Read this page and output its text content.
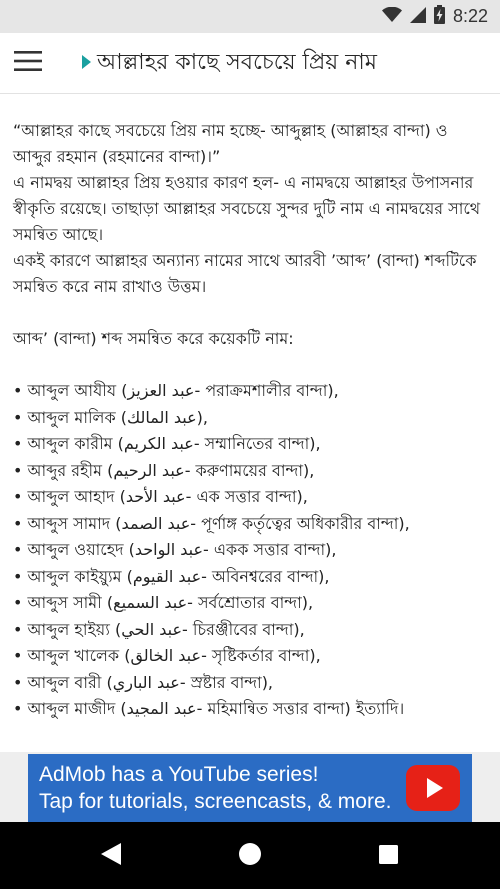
8:22
আল্লাহর কাছে সবচেয়ে প্রিয় নাম

“আল্লাহর কাছে সবচেয়ে প্রিয় নাম হচ্ছে- আব্দুল্লাহ (আল্লাহর বান্দা) ও আব্দুর রহমান (রহমানের বান্দা)।”

এ নামদ্বয় আল্লাহর প্রিয় হওয়ার কারণ হল- এ নামদ্বয়ে আল্লাহর উপাসনার স্বীকৃতি রয়েছে। তাছাড়া আল্লাহর সবচেয়ে সুন্দর দুটি নাম এ নামদ্বয়ের সাথে সমন্বিত আছে।

একই কারণে আল্লাহর অন্যান্য নামের সাথে আরবী ’আব্দ’ (বান্দা) শব্দটিকে সমন্বিত করে নাম রাখাও উত্তম।

আব্দ’ (বান্দা) শব্দ সমন্বিত করে কয়েকটি নাম:

• আব্দুল আযীয (عبد العزيز- পরাক্রমশালীর বান্দা),
• আব্দুল মালিক (عبد المالك),
• আব্দুল কারীম (عبد الكريم- সম্মানিতের বান্দা),
• আব্দুর রহীম (عبد الرحيم- করুণাময়ের বান্দা),
• আব্দুল আহাদ (عبد الأحد- এক সত্তার বান্দা),
• আব্দুস সামাদ (عبد الصمد- পূর্ণাঙ্গ কর্তৃত্বের অধিকারীর বান্দা),
• আব্দুল ওয়াহেদ (عبد الواحد- একক সত্তার বান্দা),
• আব্দুল কাইয়্যুম (عبد القيوم- অবিনশ্বরের বান্দা),
• আব্দুস সামী (عبد السميع- সর্বশ্রোতার বান্দা),
• আব্দুল হাইয়্য (عبد الحي- চিরঞ্জীবের বান্দা),
• আব্দুল খালেক (عبد الخالق- সৃষ্টিকর্তার বান্দা),
• আব্দুল বারী (عبد الباري- স্রষ্টার বান্দা),
• আব্দুল মাজীদ (عبد المجيد- মহিমান্বিত সত্তার বান্দা) ইত্যাদি।
AdMob has a YouTube series!
Tap for tutorials, screencasts, & more.
